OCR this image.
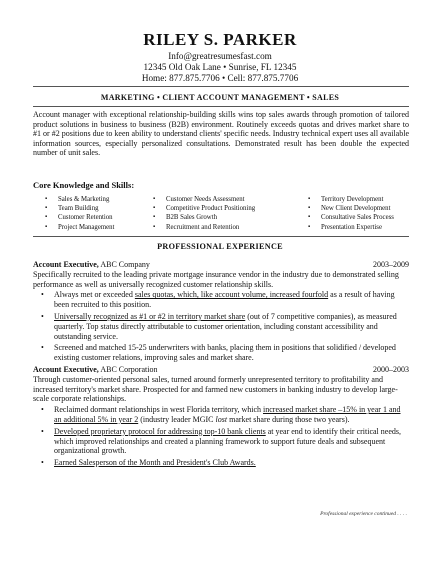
RILEY S. PARKER
Info@greatresumesfast.com
12345 Old Oak Lane • Sunrise, FL 12345
Home: 877.875.7706 • Cell: 877.875.7706
MARKETING • CLIENT ACCOUNT MANAGEMENT • SALES
Account manager with exceptional relationship-building skills wins top sales awards through promotion of tailored product solutions in business to business (B2B) environment. Routinely exceeds quotas and drives market share to #1 or #2 positions due to keen ability to understand clients' specific needs. Industry technical expert uses all available information sources, especially personalized consultations. Demonstrated result has been double the expected number of unit sales.
Core Knowledge and Skills:
▪ Sales & Marketing
▪ Team Building
▪ Customer Retention
▪ Project Management
▪ Customer Needs Assessment
▪ Competitive Product Positioning
▪ B2B Sales Growth
▪ Recruitment and Retention
▪ Territory Development
▪ New Client Development
▪ Consultative Sales Process
▪ Presentation Expertise
PROFESSIONAL EXPERIENCE
Account Executive, ABC Company	2003–2009

Specifically recruited to the leading private mortgage insurance vendor in the industry due to demonstrated selling performance as well as universally recognized customer relationship skills.

• Always met or exceeded sales quotas, which, like account volume, increased fourfold as a result of having been recruited to this position.
• Universally recognized as #1 or #2 in territory market share (out of 7 competitive companies), as measured quarterly. Top status directly attributable to customer orientation, including constant accessibility and outstanding service.
• Screened and matched 15-25 underwriters with banks, placing them in positions that solidified / developed existing customer relations, improving sales and market share.
Account Executive, ABC Corporation	2000–2003

Through customer-oriented personal sales, turned around formerly unrepresented territory to profitability and increased territory's market share. Prospected for and farmed new customers in banking industry to develop large-scale corporate relationships.

• Reclaimed dormant relationships in west Florida territory, which increased market share –15% in year 1 and an additional 5% in year 2 (industry leader MGIC lost market share during those two years).
• Developed proprietary protocol for addressing top-10 bank clients at year end to identify their critical needs, which improved relationships and created a planning framework to support future deals and subsequent organizational growth.
• Earned Salesperson of the Month and President's Club Awards.
Professional experience continued . . . .
